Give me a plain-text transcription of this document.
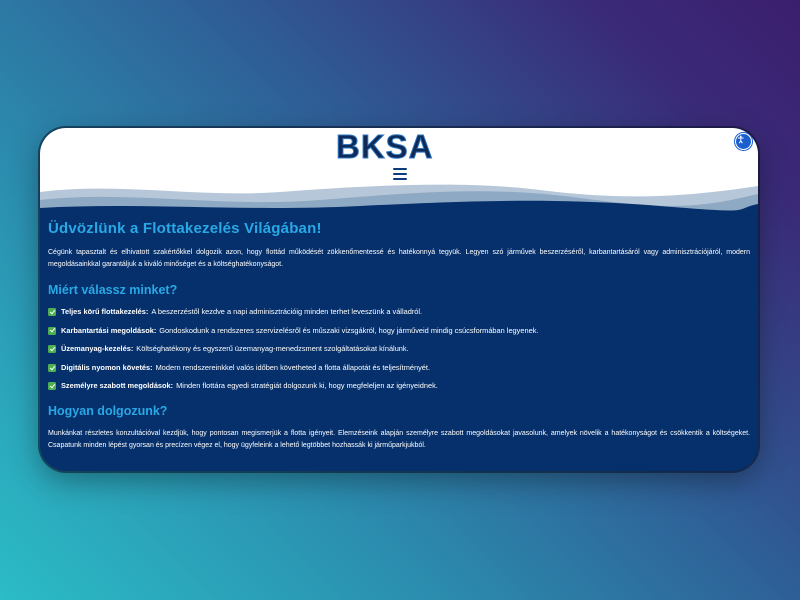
BKSA
Üdvözlünk a Flottakezelés Világában!

Cégünk tapasztalt és elhivatott szakértőkkel dolgozik azon, hogy flottád működését zökkenőmentessé és hatékonnyá tegyük. Legyen szó járművek beszerzéséről, karbantartásáról vagy adminisztrációjáról, modern megoldásainkkal garantáljuk a kiváló minőséget és a költséghatékonyságot.

Miért válassz minket?
Teljes körű flottakezelés: A beszerzéstől kezdve a napi adminisztrációig minden terhet leveszünk a válladról.
Karbantartási megoldások: Gondoskodunk a rendszeres szervizelésről és műszaki vizsgákról, hogy járműveid mindig csúcsformában legyenek.
Üzemanyag-kezelés: Költséghatékony és egyszerű üzemanyag-menedzsment szolgáltatásokat kínálunk.
Digitális nyomon követés: Modern rendszereinkkel valós időben követheted a flotta állapotát és teljesítményét.
Személyre szabott megoldások: Minden flottára egyedi stratégiát dolgozunk ki, hogy megfeleljen az igényeidnek.
Hogyan dolgozunk?

Munkánkat részletes konzultációval kezdjük, hogy pontosan megismerjük a flotta igényeit. Elemzéseink alapján személyre szabott megoldásokat javasolunk, amelyek növelik a hatékonyságot és csökkentik a költségeket. Csapatunk minden lépést gyorsan és precízen végez el, hogy ügyfeleink a lehető legtöbbet hozhassák ki járműparkjukból.
